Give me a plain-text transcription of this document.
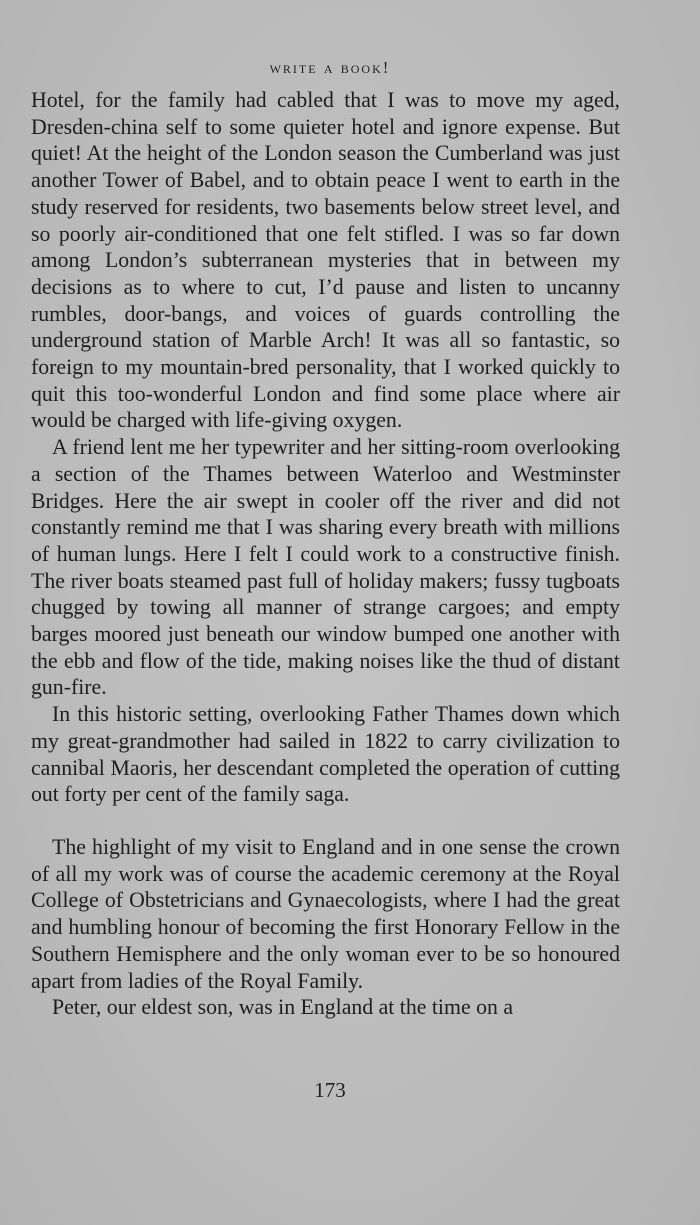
write a book!

Hotel, for the family had cabled that I was to move my aged, Dresden-china self to some quieter hotel and ignore expense. But quiet! At the height of the London season the Cumberland was just another Tower of Babel, and to obtain peace I went to earth in the study reserved for residents, two basements below street level, and so poorly air-conditioned that one felt stifled. I was so far down among London’s subterranean mysteries that in between my decisions as to where to cut, I’d pause and listen to uncanny rumbles, door-bangs, and voices of guards controlling the underground station of Marble Arch! It was all so fantastic, so foreign to my mountain-bred personality, that I worked quickly to quit this too-wonderful London and find some place where air would be charged with life-giving oxygen.

A friend lent me her typewriter and her sitting-room overlooking a section of the Thames between Waterloo and Westminster Bridges. Here the air swept in cooler off the river and did not constantly remind me that I was sharing every breath with millions of human lungs. Here I felt I could work to a constructive finish. The river boats steamed past full of holiday makers; fussy tugboats chugged by towing all manner of strange cargoes; and empty barges moored just beneath our window bumped one another with the ebb and flow of the tide, making noises like the thud of distant gun-fire.

In this historic setting, overlooking Father Thames down which my great-grandmother had sailed in 1822 to carry civilization to cannibal Maoris, her descendant completed the operation of cutting out forty per cent of the family saga.

The highlight of my visit to England and in one sense the crown of all my work was of course the academic ceremony at the Royal College of Obstetricians and Gynaecologists, where I had the great and humbling honour of becoming the first Honorary Fellow in the Southern Hemisphere and the only woman ever to be so honoured apart from ladies of the Royal Family.

Peter, our eldest son, was in England at the time on a

173
